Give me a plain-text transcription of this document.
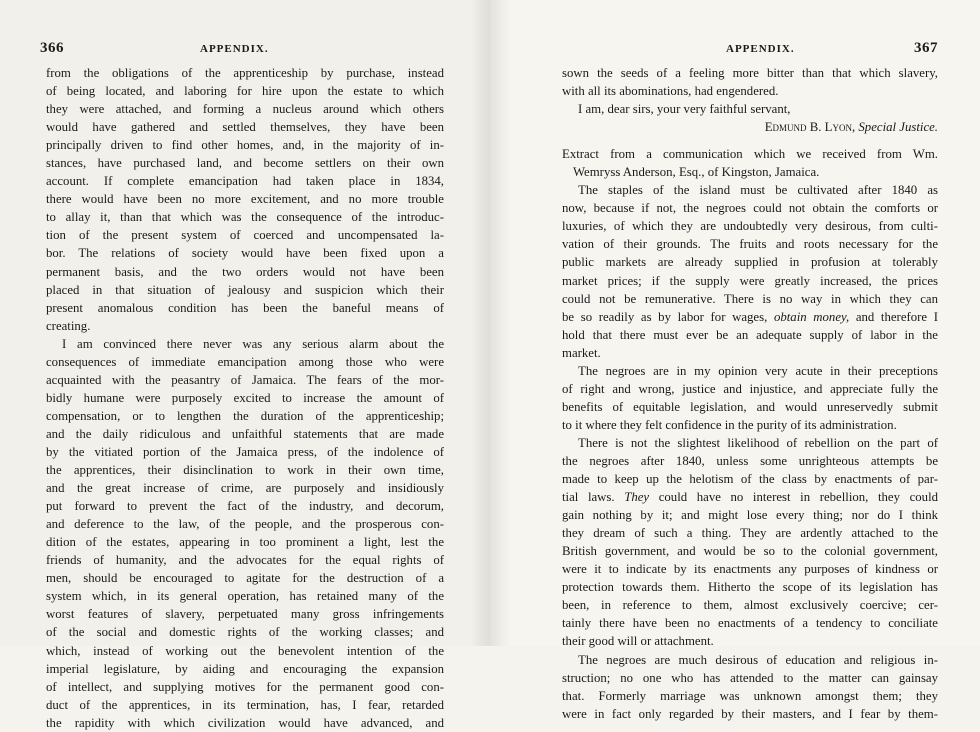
366	APPENDIX.
from the obligations of the apprenticeship by purchase, instead
of being located, and laboring for hire upon the estate to which
they were attached, and forming a nucleus around which others
would have gathered and settled themselves, they have been
principally driven to find other homes, and, in the majority of in-
stances, have purchased land, and become settlers on their own
account. If complete emancipation had taken place in 1834,
there would have been no more excitement, and no more trouble
to allay it, than that which was the consequence of the introduc-
tion of the present system of coerced and uncompensated la-
bor. The relations of society would have been fixed upon a
permanent basis, and the two orders would not have been
placed in that situation of jealousy and suspicion which their
present anomalous condition has been the baneful means of
creating.
I am convinced there never was any serious alarm about the
consequences of immediate emancipation among those who were
acquainted with the peasantry of Jamaica. The fears of the mor-
bidly humane were purposely excited to increase the amount of
compensation, or to lengthen the duration of the apprenticeship;
and the daily ridiculous and unfaithful statements that are made
by the vitiated portion of the Jamaica press, of the indolence of
the apprentices, their disinclination to work in their own time,
and the great increase of crime, are purposely and insidiously
put forward to prevent the fact of the industry, and decorum,
and deference to the law, of the people, and the prosperous con-
dition of the estates, appearing in too prominent a light, lest the
friends of humanity, and the advocates for the equal rights of
men, should be encouraged to agitate for the destruction of a
system which, in its general operation, has retained many of the
worst features of slavery, perpetuated many gross infringements
of the social and domestic rights of the working classes; and
which, instead of working out the benevolent intention of the
imperial legislature, by aiding and encouraging the expansion
of intellect, and supplying motives for the permanent good con-
duct of the apprentices, in its termination, has, I fear, retarded
the rapidity with which civilization would have advanced, and
APPENDIX.	367
sown the seeds of a feeling more bitter than that which slavery,
with all its abominations, had engendered.
I am, dear sirs, your very faithful servant,
Edmund B. Lyon, Special Justice.
Extract from a communication which we received from Wm.
Wemryss Anderson, Esq., of Kingston, Jamaica.
The staples of the island must be cultivated after 1840 as
now, because if not, the negroes could not obtain the comforts or
luxuries, of which they are undoubtedly very desirous, from culti-
vation of their grounds. The fruits and roots necessary for the
public markets are already supplied in profusion at tolerably
market prices; if the supply were greatly increased, the prices
could not be remunerative. There is no way in which they can
be so readily as by labor for wages, obtain money, and therefore I
hold that there must ever be an adequate supply of labor in the
market.
The negroes are in my opinion very acute in their preceptions
of right and wrong, justice and injustice, and appreciate fully the
benefits of equitable legislation, and would unreservedly submit
to it where they felt confidence in the purity of its administration.
There is not the slightest likelihood of rebellion on the part of
the negroes after 1840, unless some unrighteous attempts be
made to keep up the helotism of the class by enactments of par-
tial laws. They could have no interest in rebellion, they could
gain nothing by it; and might lose every thing; nor do I think
they dream of such a thing. They are ardently attached to the
British government, and would be so to the colonial government,
were it to indicate by its enactments any purposes of kindness or
protection towards them. Hitherto the scope of its legislation has
been, in reference to them, almost exclusively coercive; cer-
tainly there have been no enactments of a tendency to conciliate
their good will or attachment.
The negroes are much desirous of education and religious in-
struction; no one who has attended to the matter can gainsay
that. Formerly marriage was unknown amongst them; they
were in fact only regarded by their masters, and I fear by them-
